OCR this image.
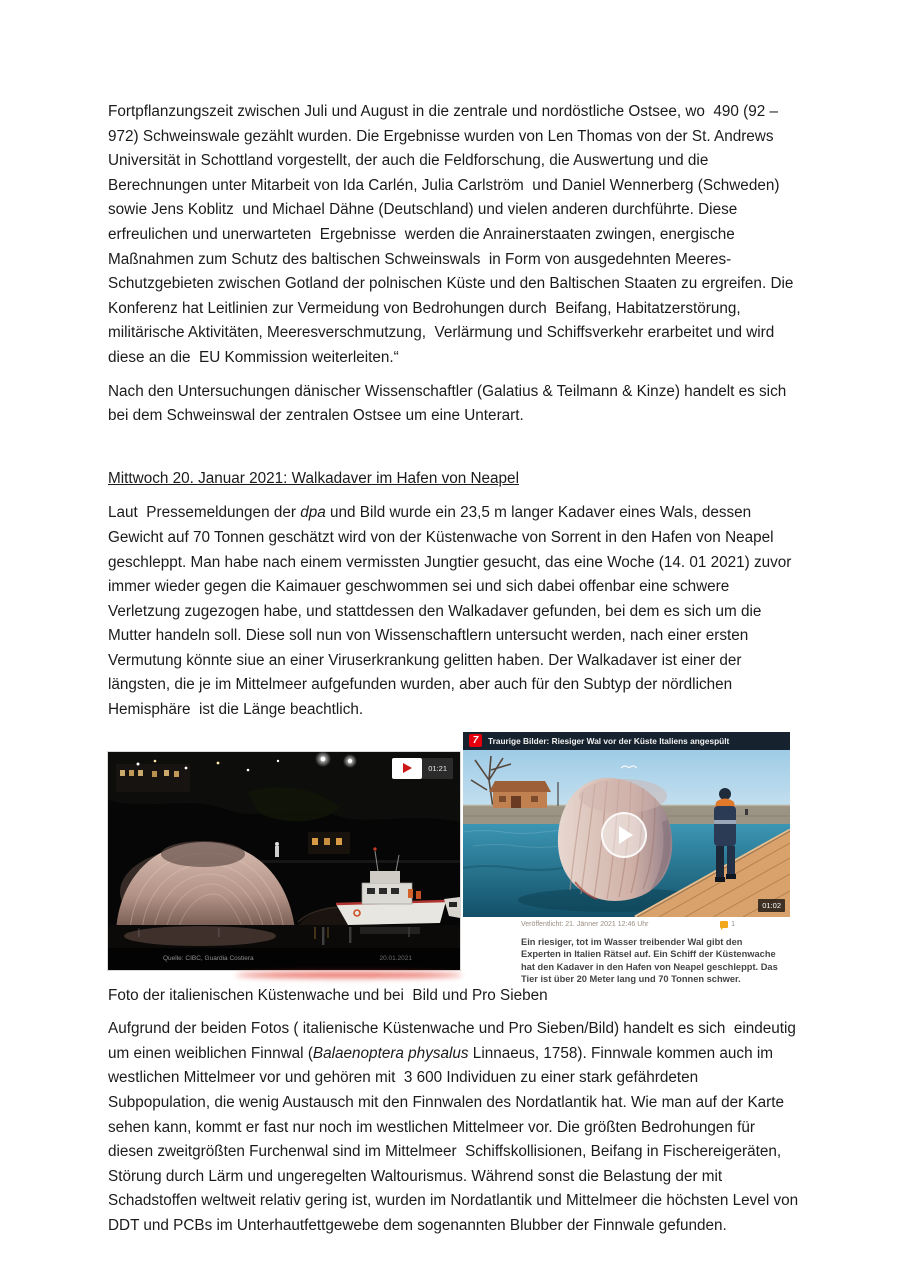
Fortpflanzungszeit zwischen Juli und August in die zentrale und nordöstliche Ostsee, wo  490 (92 – 972) Schweinswale gezählt wurden. Die Ergebnisse wurden von Len Thomas von der St. Andrews Universität in Schottland vorgestellt, der auch die Feldforschung, die Auswertung und die Berechnungen unter Mitarbeit von Ida Carlén, Julia Carlström  und Daniel Wennerberg (Schweden) sowie Jens Koblitz  und Michael Dähne (Deutschland) und vielen anderen durchführte. Diese erfreulichen und unerwarteten  Ergebnisse  werden die Anrainerstaaten zwingen, energische Maßnahmen zum Schutz des baltischen Schweinswals  in Form von ausgedehnten Meeres-Schutzgebieten zwischen Gotland der polnischen Küste und den Baltischen Staaten zu ergreifen. Die Konferenz hat Leitlinien zur Vermeidung von Bedrohungen durch  Beifang, Habitatzerstörung, militärische Aktivitäten, Meeresverschmutzung,  Verlärmung und Schiffsverkehr erarbeitet und wird diese an die  EU Kommission weiterleiten.“

Nach den Untersuchungen dänischer Wissenschaftler (Galatius & Teilmann & Kinze) handelt es sich bei dem Schweinswal der zentralen Ostsee um eine Unterart.

Mittwoch 20. Januar 2021: Walkadaver im Hafen von Neapel

Laut  Pressemeldungen der dpa und Bild wurde ein 23,5 m langer Kadaver eines Wals, dessen Gewicht auf 70 Tonnen geschätzt wird von der Küstenwache von Sorrent in den Hafen von Neapel geschleppt. Man habe nach einem vermissten Jungtier gesucht, das eine Woche (14. 01 2021) zuvor immer wieder gegen die Kaimauer geschwommen sei und sich dabei offenbar eine schwere Verletzung zugezogen habe, und stattdessen den Walkadaver gefunden, bei dem es sich um die Mutter handeln soll. Diese soll nun von Wissenschaftlern untersucht werden, nach einer ersten Vermutung könnte siue an einer Viruserkrankung gelitten haben. Der Walkadaver ist einer der längsten, die je im Mittelmeer aufgefunden wurden, aber auch für den Subtyp der nördlichen Hemisphäre  ist die Länge beachtlich.

01:21
Quelle: CIBC, Guardia Costiera	20.01.2021
7	Traurige Bilder: Riesiger Wal vor der Küste Italiens angespült
01:02
Veröffentlicht: 21. Jänner 2021 12:46 Uhr	1
Ein riesiger, tot im Wasser treibender Wal gibt den Experten in Italien Rätsel auf. Ein Schiff der Küstenwache hat den Kadaver in den Hafen von Neapel geschleppt. Das Tier ist über 20 Meter lang und 70 Tonnen schwer.

Foto der italienischen Küstenwache und bei  Bild und Pro Sieben

Aufgrund der beiden Fotos ( italienische Küstenwache und Pro Sieben/Bild) handelt es sich  eindeutig um einen weiblichen Finnwal (Balaenoptera physalus Linnaeus, 1758). Finnwale kommen auch im westlichen Mittelmeer vor und gehören mit  3 600 Individuen zu einer stark gefährdeten Subpopulation, die wenig Austausch mit den Finnwalen des Nordatlantik hat. Wie man auf der Karte sehen kann, kommt er fast nur noch im westlichen Mittelmeer vor. Die größten Bedrohungen für diesen zweitgrößten Furchenwal sind im Mittelmeer  Schiffskollisionen, Beifang in Fischereigeräten, Störung durch Lärm und ungeregelten Waltourismus. Während sonst die Belastung der mit Schadstoffen weltweit relativ gering ist, wurden im Nordatlantik und Mittelmeer die höchsten Level von DDT und PCBs im Unterhautfettgewebe dem sogenannten Blubber der Finnwale gefunden.
